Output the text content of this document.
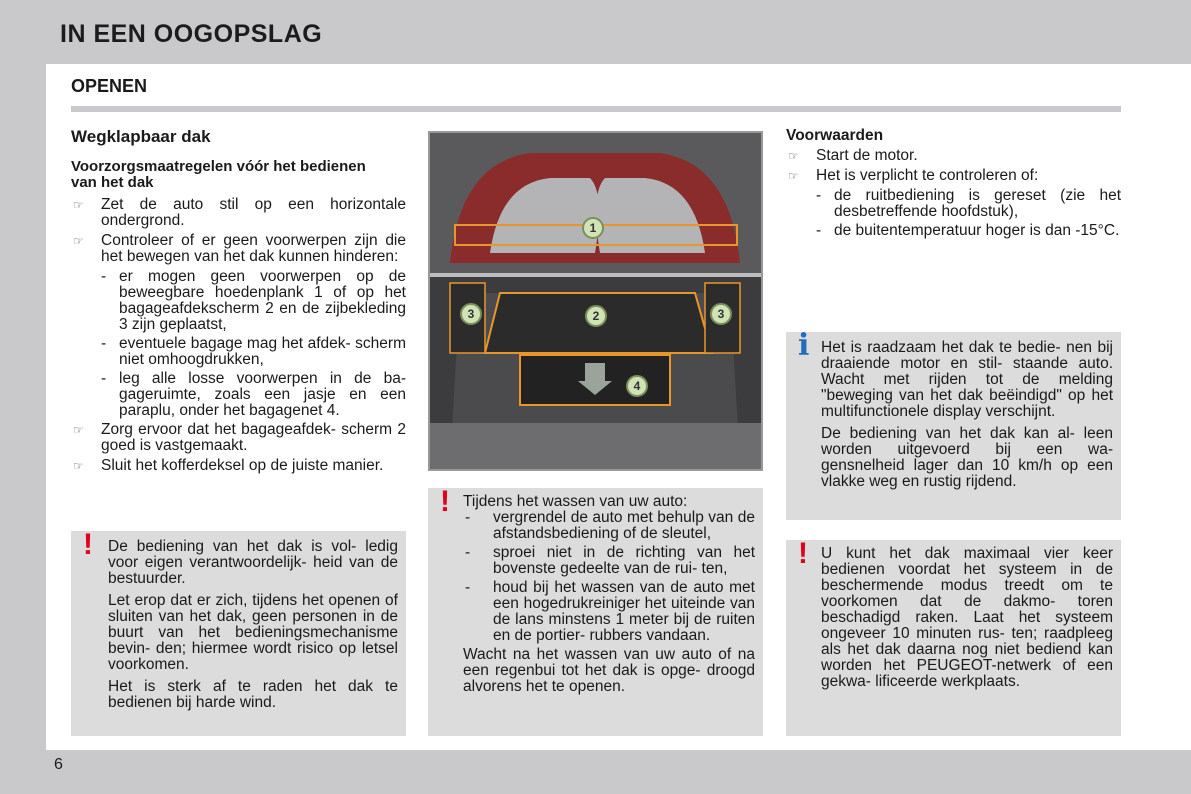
IN EEN OOGOPSLAG
OPENEN
Wegklapbaar dak
Voorzorgsmaatregelen vóór het bedienen van het dak
☞ Zet de auto stil op een horizontale ondergrond.
☞ Controleer of er geen voorwerpen zijn die het bewegen van het dak kunnen hinderen:
- er mogen geen voorwerpen op de beweegbare hoedenplank 1 of op het bagageafdekscherm 2 en de zijbekleding 3 zijn geplaatst,
- eventuele bagage mag het afdek- scherm niet omhoogdrukken,
- leg alle losse voorwerpen in de ba- gageruimte, zoals een jasje en een paraplu, onder het bagagenet 4.
☞ Zorg ervoor dat het bagageafdek- scherm 2 goed is vastgemaakt.
☞ Sluit het kofferdeksel op de juiste manier.
! De bediening van het dak is vol- ledig voor eigen verantwoordelijk- heid van de bestuurder.

Let erop dat er zich, tijdens het openen of sluiten van het dak, geen personen in de buurt van het bedieningsmechanisme bevin- den; hiermee wordt risico op letsel voorkomen.

Het is sterk af te raden het dak te bedienen bij harde wind.

1
2
3	3
4
! Tijdens het wassen van uw auto:

- vergrendel de auto met behulp van de afstandsbediening of de sleutel,
- sproei niet in de richting van het bovenste gedeelte van de rui- ten,
- houd bij het wassen van de auto met een hogedrukreiniger het uiteinde van de lans minstens 1 meter bij de ruiten en de portier- rubbers vandaan.

Wacht na het wassen van uw auto of na een regenbui tot het dak is opge- droogd alvorens het te openen.

Voorwaarden
☞ Start de motor.
☞ Het is verplicht te controleren of:
- de ruitbediening is gereset (zie het desbetreffende hoofdstuk),
- de buitentemperatuur hoger is dan -15°C.
i Het is raadzaam het dak te bedie- nen bij draaiende motor en stil- staande auto. Wacht met rijden tot de melding "beweging van het dak beëindigd" op het multifunctionele display verschijnt.

De bediening van het dak kan al- leen worden uitgevoerd bij een wa- gensnelheid lager dan 10 km/h op een vlakke weg en rustig rijdend.

! U kunt het dak maximaal vier keer bedienen voordat het systeem in de beschermende modus treedt om te voorkomen dat de dakmo- toren beschadigd raken. Laat het systeem ongeveer 10 minuten rus- ten; raadpleeg als het dak daarna nog niet bediend kan worden het PEUGEOT-netwerk of een gekwa- lificeerde werkplaats.

6
